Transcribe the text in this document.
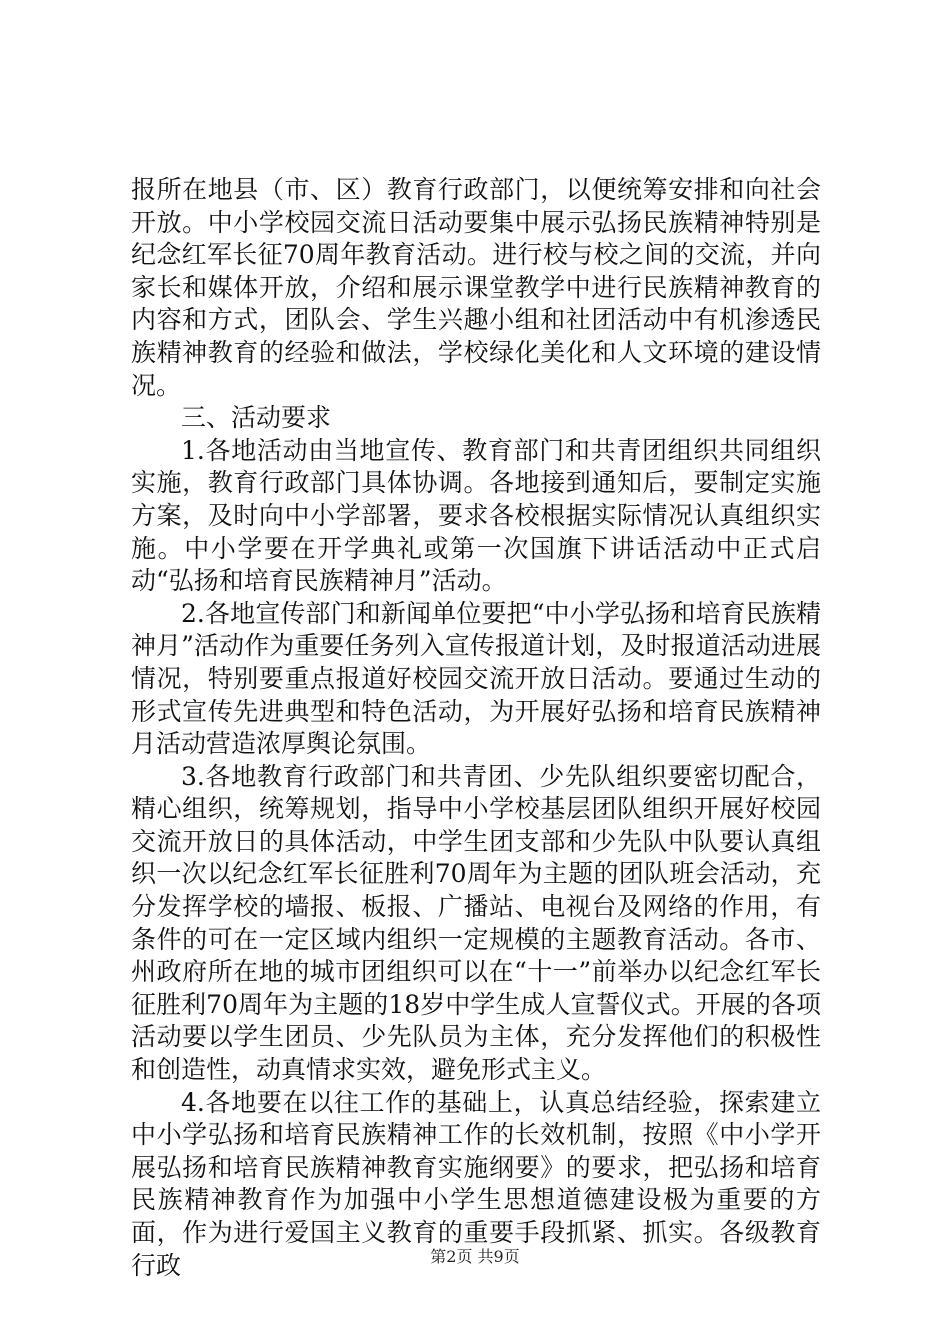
报所在地县（市、区）教育行政部门，以便统筹安排和向社会开放。中小学校园交流日活动要集中展示弘扬民族精神特别是纪念红军长征70周年教育活动。进行校与校之间的交流，并向家长和媒体开放，介绍和展示课堂教学中进行民族精神教育的内容和方式，团队会、学生兴趣小组和社团活动中有机渗透民族精神教育的经验和做法，学校绿化美化和人文环境的建设情况。

三、活动要求

1.各地活动由当地宣传、教育部门和共青团组织共同组织实施，教育行政部门具体协调。各地接到通知后，要制定实施方案，及时向中小学部署，要求各校根据实际情况认真组织实施。中小学要在开学典礼或第一次国旗下讲话活动中正式启动“弘扬和培育民族精神月”活动。

2.各地宣传部门和新闻单位要把“中小学弘扬和培育民族精神月”活动作为重要任务列入宣传报道计划，及时报道活动进展情况，特别要重点报道好校园交流开放日活动。要通过生动的形式宣传先进典型和特色活动，为开展好弘扬和培育民族精神月活动营造浓厚舆论氛围。

3.各地教育行政部门和共青团、少先队组织要密切配合，精心组织，统筹规划，指导中小学校基层团队组织开展好校园交流开放日的具体活动，中学生团支部和少先队中队要认真组织一次以纪念红军长征胜利70周年为主题的团队班会活动，充分发挥学校的墙报、板报、广播站、电视台及网络的作用，有条件的可在一定区域内组织一定规模的主题教育活动。各市、州政府所在地的城市团组织可以在“十一”前举办以纪念红军长征胜利70周年为主题的18岁中学生成人宣誓仪式。开展的各项活动要以学生团员、少先队员为主体，充分发挥他们的积极性和创造性，动真情求实效，避免形式主义。

4.各地要在以往工作的基础上，认真总结经验，探索建立中小学弘扬和培育民族精神工作的长效机制，按照《中小学开展弘扬和培育民族精神教育实施纲要》的要求，把弘扬和培育民族精神教育作为加强中小学生思想道德建设极为重要的方面，作为进行爱国主义教育的重要手段抓紧、抓实。各级教育行政	第2页 共9页
